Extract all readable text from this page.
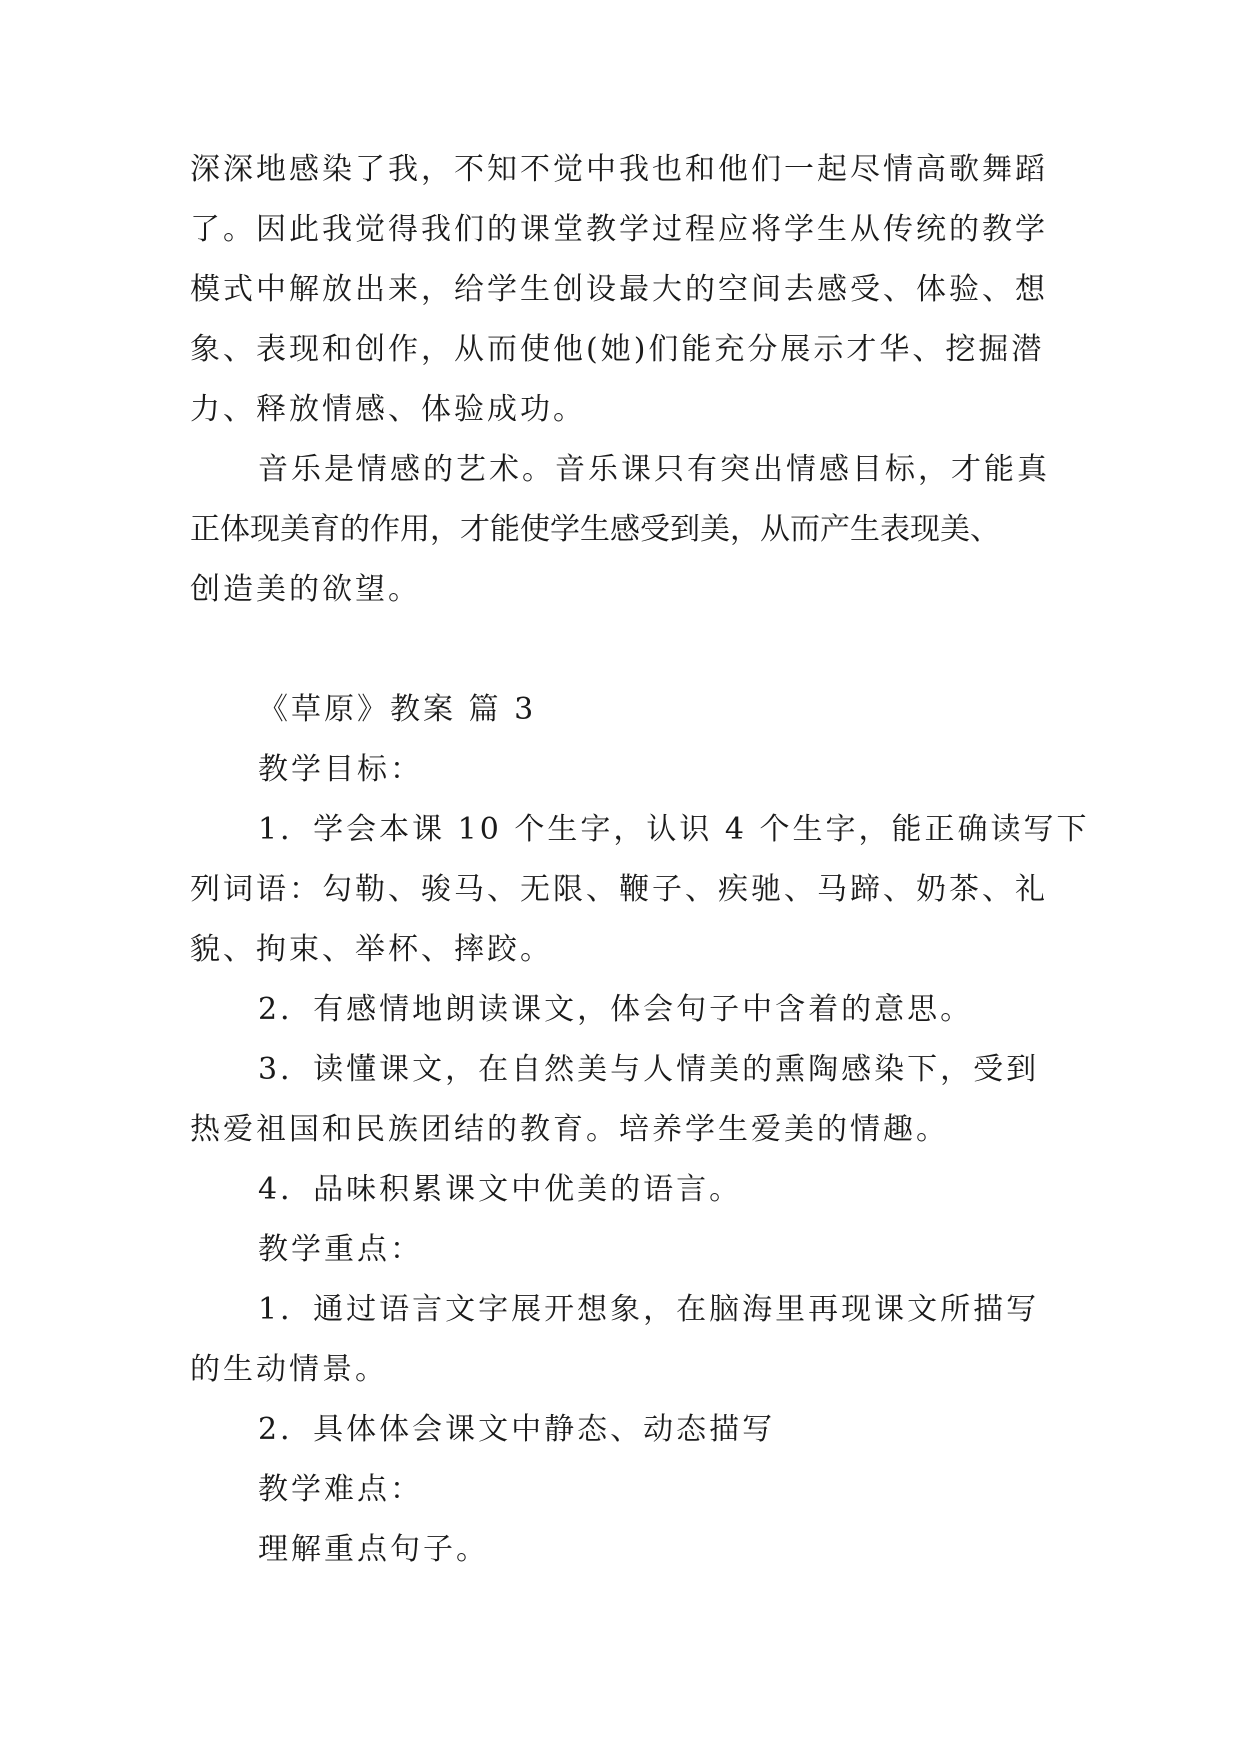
深深地感染了我，不知不觉中我也和他们一起尽情高歌舞蹈
了。因此我觉得我们的课堂教学过程应将学生从传统的教学
模式中解放出来，给学生创设最大的空间去感受、体验、想
象、表现和创作，从而使他(她)们能充分展示才华、挖掘潜
力、释放情感、体验成功。
音乐是情感的艺术。音乐课只有突出情感目标，才能真
正体现美育的作用，才能使学生感受到美，从而产生表现美、
创造美的欲望。
《草原》教案 篇 3
教学目标：
1．学会本课 10 个生字，认识 4 个生字，能正确读写下
列词语：勾勒、骏马、无限、鞭子、疾驰、马蹄、奶茶、礼
貌、拘束、举杯、摔跤。
2．有感情地朗读课文，体会句子中含着的意思。
3．读懂课文，在自然美与人情美的熏陶感染下，受到
热爱祖国和民族团结的教育。培养学生爱美的情趣。
4．品味积累课文中优美的语言。
教学重点：
1．通过语言文字展开想象，在脑海里再现课文所描写
的生动情景。
2．具体体会课文中静态、动态描写
教学难点：
理解重点句子。
